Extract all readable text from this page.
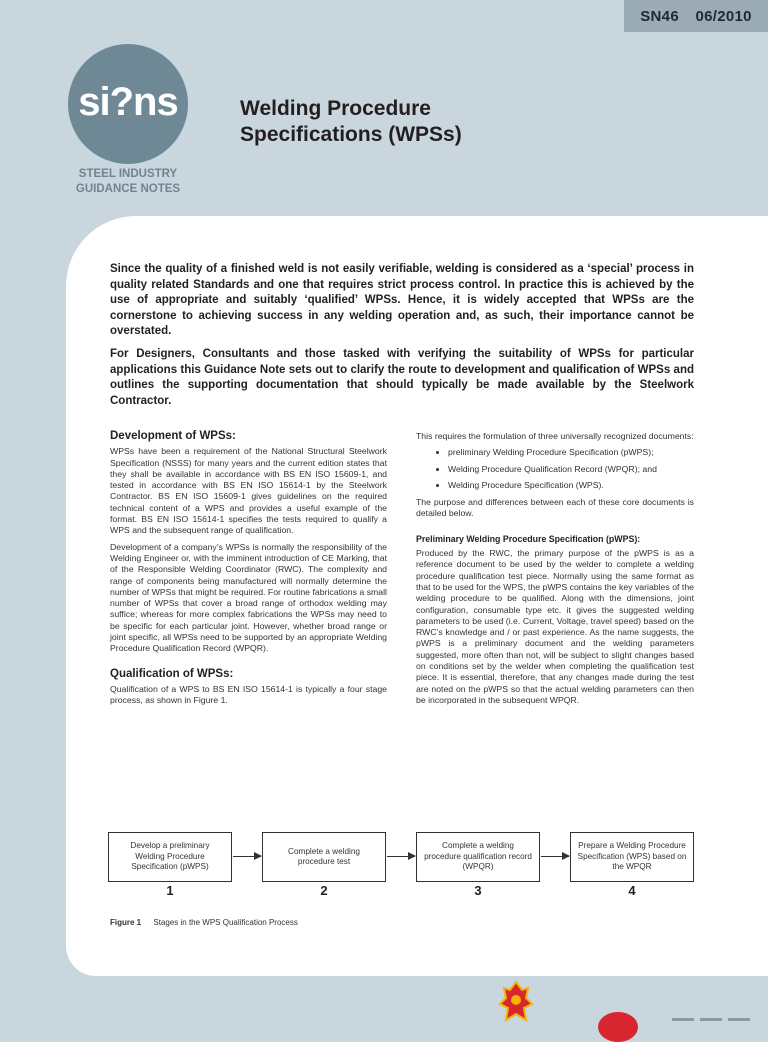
SN46 06/2010
si?ns
STEEL INDUSTRY
GUIDANCE NOTES
Welding Procedure
Specifications (WPSs)

Since the quality of a finished weld is not easily verifiable, welding is considered as a ‘special’ process in quality related Standards and one that requires strict process control. In practice this is achieved by the use of appropriate and suitably ‘qualified’ WPSs. Hence, it is widely accepted that WPSs are the cornerstone to achieving success in any welding operation and, as such, their importance cannot be overstated.

For Designers, Consultants and those tasked with verifying the suitability of WPSs for particular applications this Guidance Note sets out to clarify the route to development and qualification of WPSs and outlines the supporting documentation that should typically be made available by the Steelwork Contractor.

Development of WPSs:

WPSs have been a requirement of the National Structural Steelwork Specification (NSSS) for many years and the current edition states that they shall be available in accordance with BS EN ISO 15609-1, and tested in accordance with BS EN ISO 15614-1 by the Steelwork Contractor. BS EN ISO 15609-1 gives guidelines on the required technical content of a WPS and provides a useful example of the format. BS EN ISO 15614-1 specifies the tests required to qualify a WPS and the subsequent range of qualification.

Development of a company’s WPSs is normally the responsibility of the Welding Engineer or, with the imminent introduction of CE Marking, that of the Responsible Welding Coordinator (RWC). The complexity and range of components being manufactured will normally determine the number of WPSs that might be required. For routine fabrications a small number of WPSs that cover a broad range of orthodox welding may suffice; whereas for more complex fabrications the WPSs may need to be specific for each particular joint. However, whether broad range or joint specific, all WPSs need to be supported by an appropriate Welding Procedure Qualification Record (WPQR).

Qualification of WPSs:

Qualification of a WPS to BS EN ISO 15614-1 is typically a four stage process, as shown in Figure 1.

This requires the formulation of three universally recognized documents:

• preliminary Welding Procedure Specification (pWPS);
• Welding Procedure Qualification Record (WPQR); and
• Welding Procedure Specification (WPS).

The purpose and differences between each of these core documents is detailed below.

Preliminary Welding Procedure Specification (pWPS):

Produced by the RWC, the primary purpose of the pWPS is as a reference document to be used by the welder to complete a welding procedure qualification test piece. Normally using the same format as that to be used for the WPS, the pWPS contains the key variables of the welding procedure to be qualified. Along with the dimensions, joint configuration, consumable type etc. it gives the suggested welding parameters to be used (i.e. Current, Voltage, travel speed) based on the RWC’s knowledge and / or past experience. As the name suggests, the pWPS is a preliminary document and the welding parameters suggested, more often than not, will be subject to slight changes based on conditions set by the welder when completing the qualification test piece. It is essential, therefore, that any changes made during the test are noted on the pWPS so that the actual welding parameters can then be incorporated in the subsequent WPQR.

Develop a preliminary Welding Procedure Specification (pWPS)
1
Complete a welding procedure test
2
Complete a welding procedure qualification record (WPQR)
3
Prepare a Welding Procedure Specification (WPS) based on the WPQR
4

Figure 1 Stages in the WPS Qualification Process
